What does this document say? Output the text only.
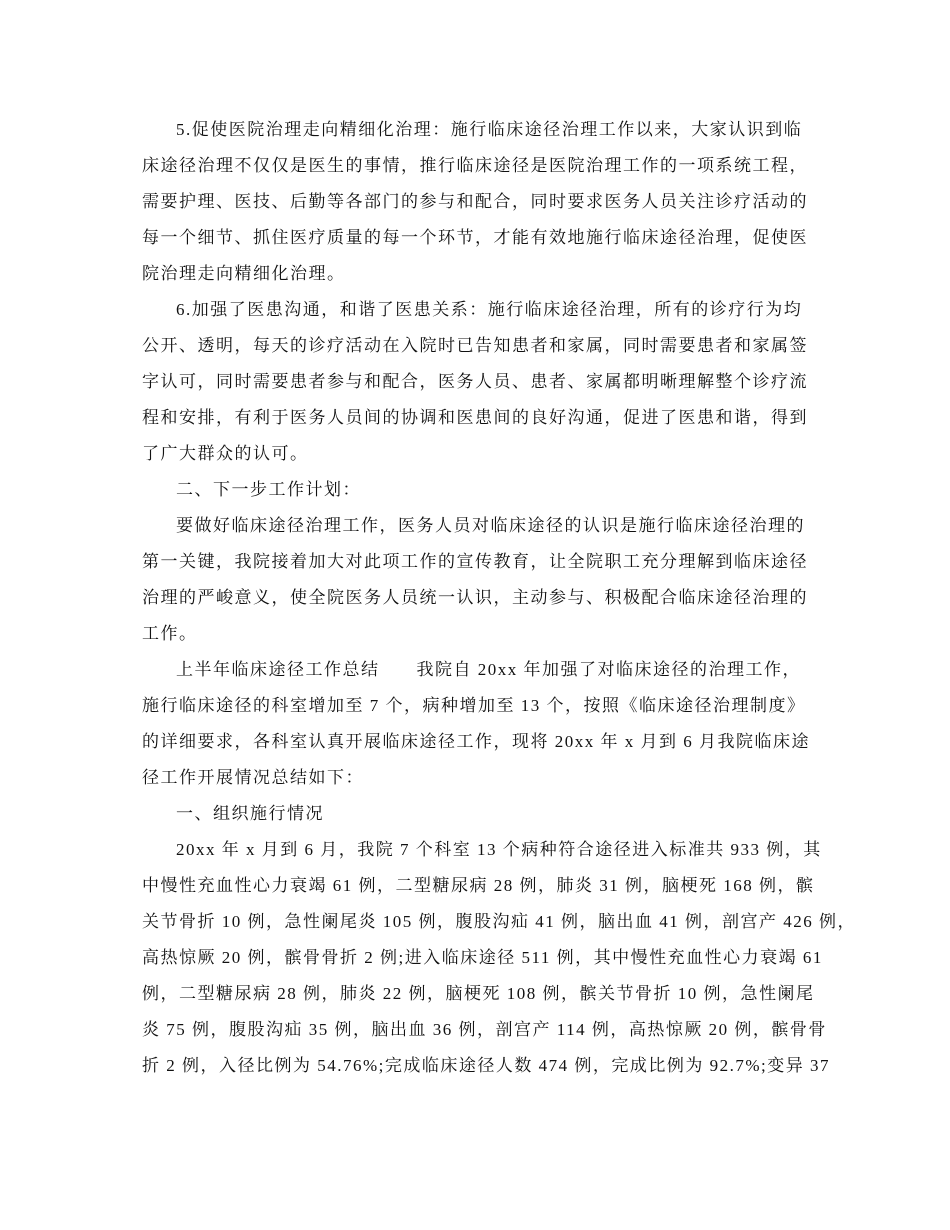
5.促使医院治理走向精细化治理：施行临床途径治理工作以来，大家认识到临
床途径治理不仅仅是医生的事情，推行临床途径是医院治理工作的一项系统工程，
需要护理、医技、后勤等各部门的参与和配合，同时要求医务人员关注诊疗活动的
每一个细节、抓住医疗质量的每一个环节，才能有效地施行临床途径治理，促使医
院治理走向精细化治理。
6.加强了医患沟通，和谐了医患关系：施行临床途径治理，所有的诊疗行为均
公开、透明，每天的诊疗活动在入院时已告知患者和家属，同时需要患者和家属签
字认可，同时需要患者参与和配合，医务人员、患者、家属都明晰理解整个诊疗流
程和安排，有利于医务人员间的协调和医患间的良好沟通，促进了医患和谐，得到
了广大群众的认可。
二、下一步工作计划：
要做好临床途径治理工作，医务人员对临床途径的认识是施行临床途径治理的
第一关键，我院接着加大对此项工作的宣传教育，让全院职工充分理解到临床途径
治理的严峻意义，使全院医务人员统一认识，主动参与、积极配合临床途径治理的
工作。
上半年临床途径工作总结　　我院自 20xx 年加强了对临床途径的治理工作，
施行临床途径的科室增加至 7 个，病种增加至 13 个，按照《临床途径治理制度》
的详细要求，各科室认真开展临床途径工作，现将 20xx 年 x 月到 6 月我院临床途
径工作开展情况总结如下：
一、组织施行情况
20xx 年 x 月到 6 月，我院 7 个科室 13 个病种符合途径进入标准共 933 例，其
中慢性充血性心力衰竭 61 例，二型糖尿病 28 例，肺炎 31 例，脑梗死 168 例，髌
关节骨折 10 例，急性阑尾炎 105 例，腹股沟疝 41 例，脑出血 41 例，剖宫产 426 例，
高热惊厥 20 例，髌骨骨折 2 例;进入临床途径 511 例，其中慢性充血性心力衰竭 61
例，二型糖尿病 28 例，肺炎 22 例，脑梗死 108 例，髌关节骨折 10 例，急性阑尾
炎 75 例，腹股沟疝 35 例，脑出血 36 例，剖宫产 114 例，高热惊厥 20 例，髌骨骨
折 2 例，入径比例为 54.76%;完成临床途径人数 474 例，完成比例为 92.7%;变异 37
